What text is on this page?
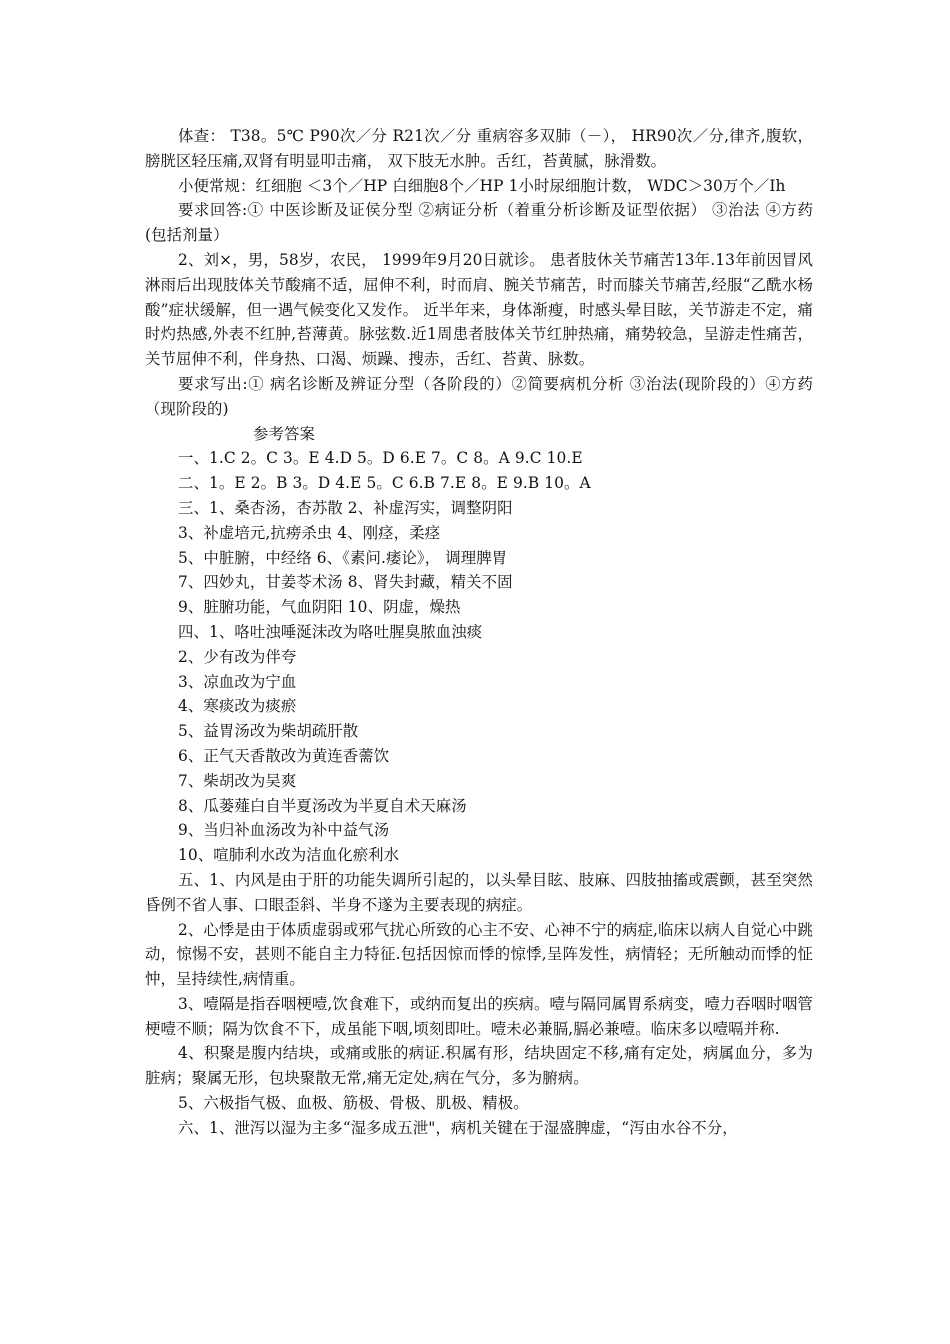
体查： T38。5℃ P90次／分 R21次／分 重病容多双肺（－）， HR90次／分,律齐,腹软，膀胱区轻压痛,双肾有明显叩击痛， 双下肢无水肿。舌红，苔黄腻，脉滑数。

小便常规：红细胞 ＜3个／HP 白细胞8个／HP 1小时尿细胞计数， WDC＞30万个／Ih

要求回答:① 中医诊断及证侯分型 ②病证分析（着重分析诊断及证型依据） ③治法 ④方药(包括剂量）

2、刘×，男，58岁，农民， 1999年9月20日就诊。 患者肢休关节痛苦13年.13年前因冒风淋雨后出现肢体关节酸痛不适，屈伸不利，时而肩、腕关节痛苦，时而膝关节痛苦,经服“乙酰水杨酸”症状缓解，但一遇气候变化又发作。 近半年来，身体渐瘦，时感头晕目眩，关节游走不定，痛时灼热感,外表不红肿,苔薄黄。脉弦数.近1周患者肢体关节红肿热痛，痛势较急，呈游走性痛苦，关节屈伸不利，伴身热、口渴、烦躁、搜赤，舌红、苔黄、脉数。

要求写出:① 病名诊断及辨证分型（各阶段的）②简要病机分析 ③治法(现阶段的）④方药（现阶段的)

参考答案

一、1.C 2。C 3。E 4.D 5。D 6.E 7。C 8。A 9.C 10.E

二、1。E 2。B 3。D 4.E 5。C 6.B 7.E 8。E 9.B 10。A

三、1、桑杏汤，杏苏散 2、补虚泻实，调整阴阳

3、补虚培元,抗痨杀虫 4、刚痉，柔痉

5、中脏腑，中经络 6、《素问.痿论》， 调理脾胃

7、四妙丸，甘姜苓术汤 8、肾失封藏，精关不固

9、脏腑功能，气血阴阳 10、阴虚，燥热

四、1、咯吐浊唾涎沫改为咯吐腥臭脓血浊痰

2、少有改为伴夸

3、凉血改为宁血

4、寒痰改为痰瘀

5、益胃汤改为柴胡疏肝散

6、正气天香散改为黄连香薷饮

7、柴胡改为吴爽

8、瓜蒌薤白自半夏汤改为半夏自术天麻汤

9、当归补血汤改为补中益气汤

10、喧肺利水改为洁血化瘀利水

五、1、内风是由于肝的功能失调所引起的，以头晕目眩、肢麻、四肢抽搐或震颤，甚至突然昏例不省人事、口眼歪斜、半身不遂为主要表现的病症。

2、心悸是由于体质虚弱或邪气扰心所致的心主不安、心神不宁的病症,临床以病人自觉心中跳动，惊惕不安，甚则不能自主力特征.包括因惊而悸的惊悸,呈阵发性，病情轻；无所触动而悸的怔忡，呈持续性,病情重。

3、噎隔是指吞咽梗噎,饮食难下，或纳而复出的疾病。噎与隔同属胃系病变，噎力吞咽时咽管梗噎不顺；隔为饮食不下，成虽能下咽,顷刻即吐。噎未必兼膈,膈必兼噎。临床多以噎嗝并称.

4、积聚是腹内结块，或痛或胀的病证.积属有形，结块固定不移,痛有定处，病属血分，多为脏病；聚属无形，包块聚散无常,痛无定处,病在气分，多为腑病。

5、六极指气极、血极、筋极、骨极、肌极、精极。

六、1、泄泻以湿为主多“湿多成五泄"，病机关键在于湿盛脾虚，“泻由水谷不分，
